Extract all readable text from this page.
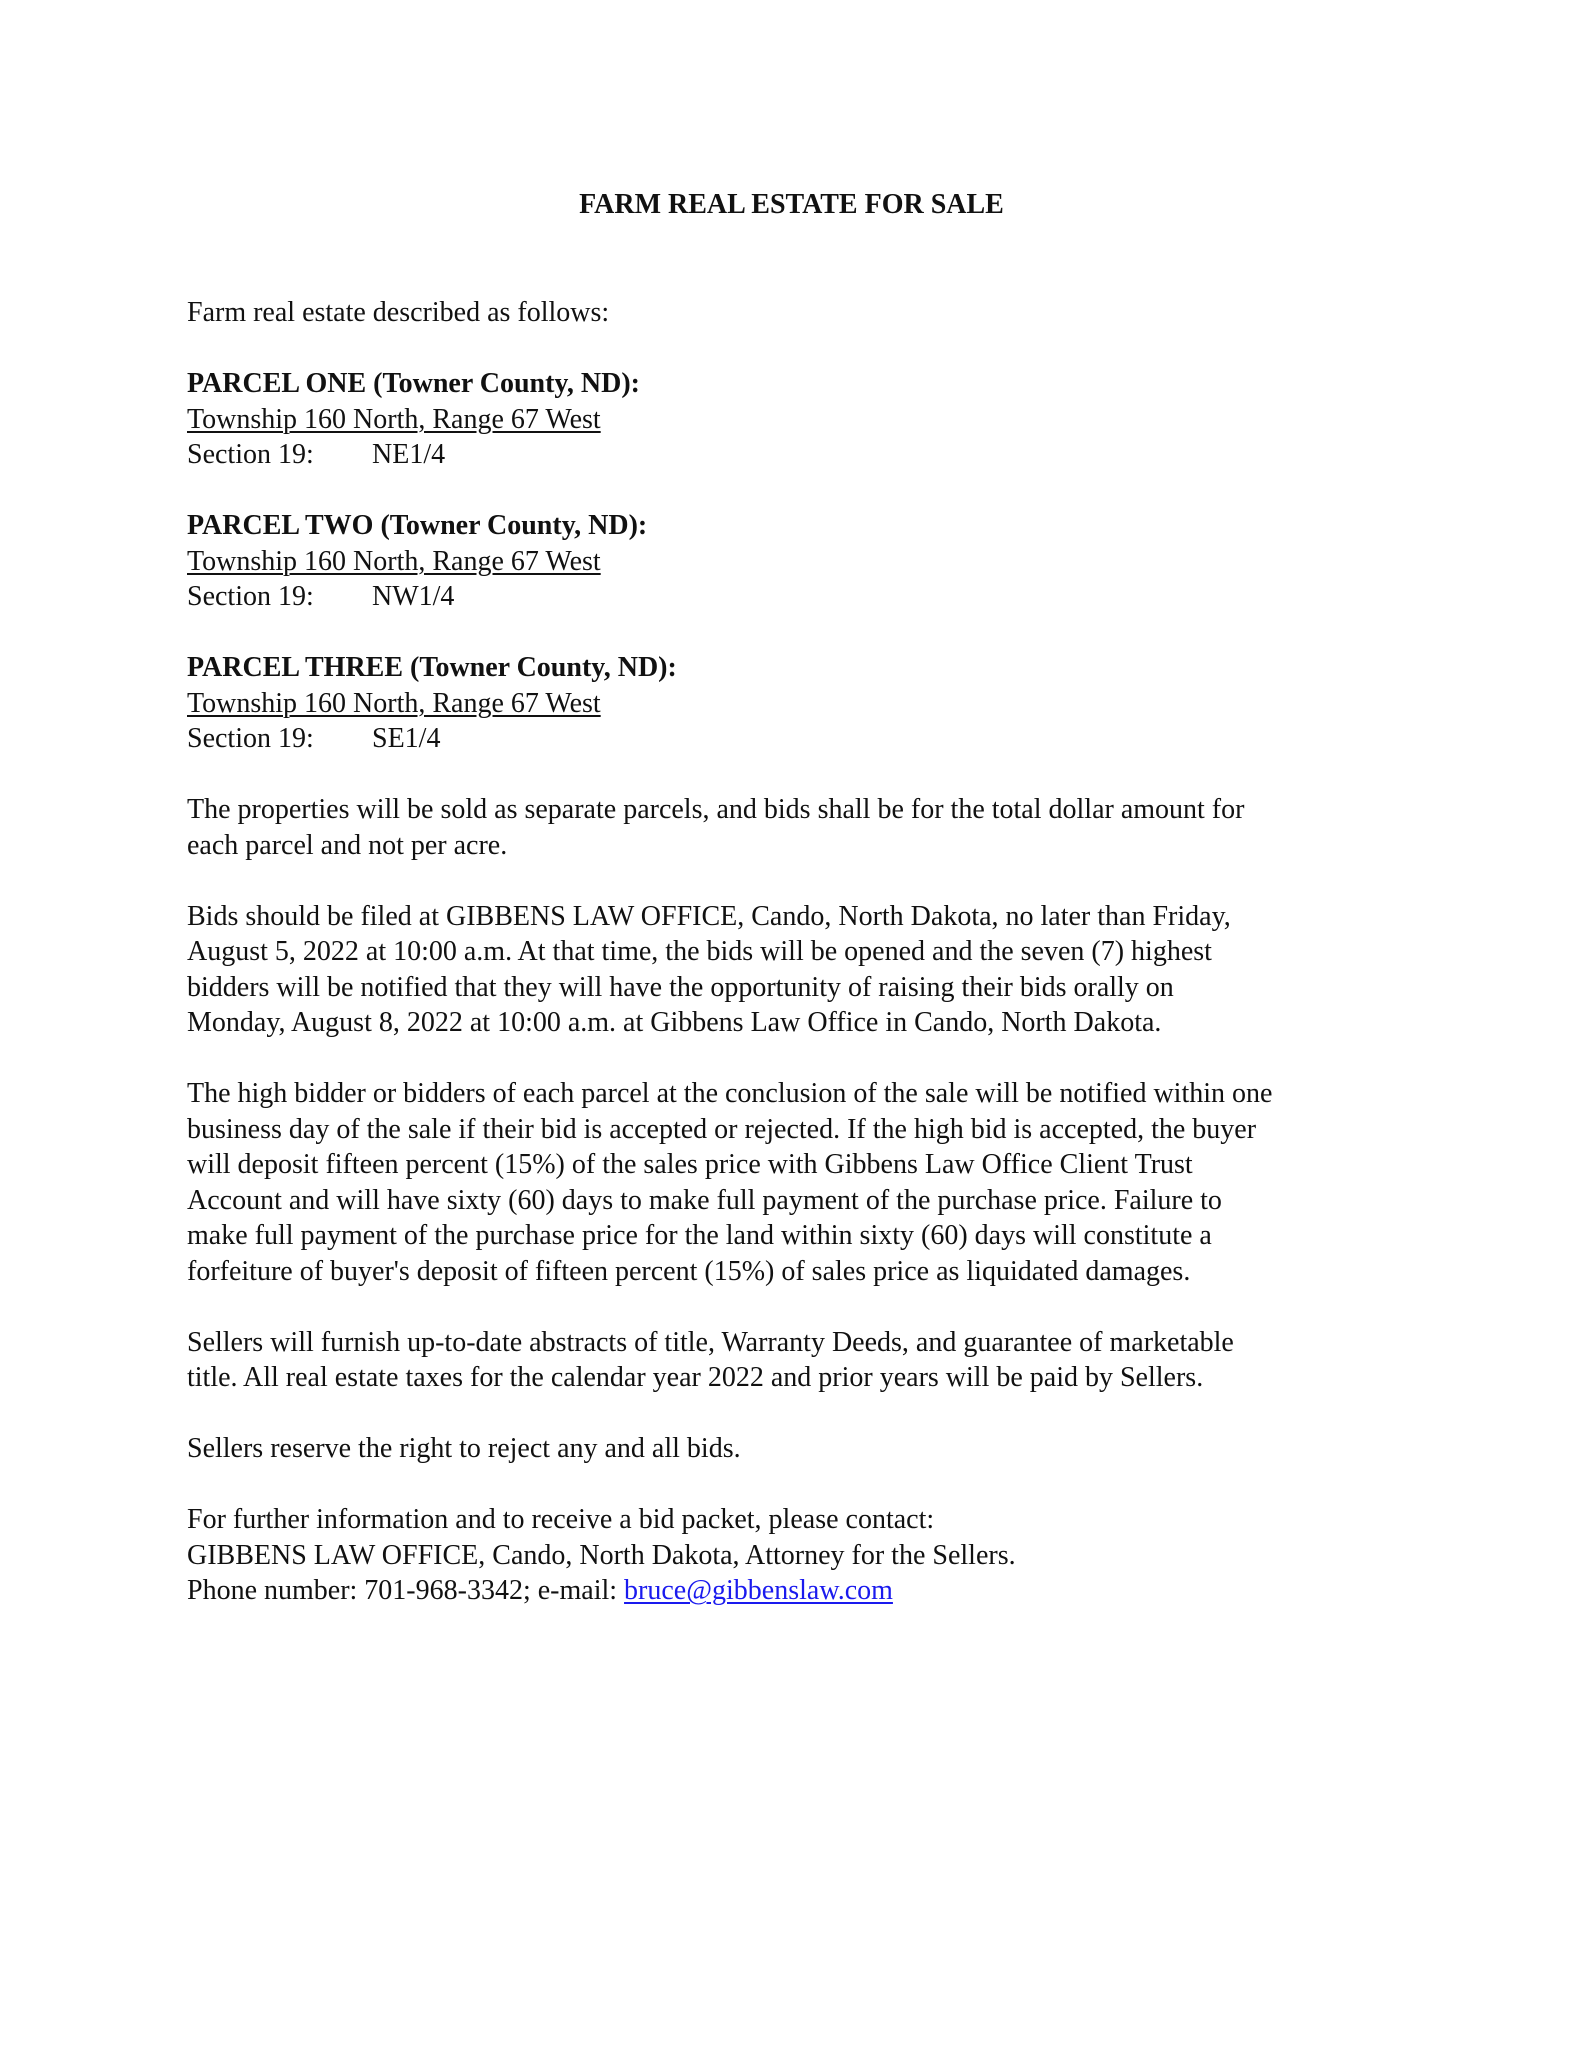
FARM REAL ESTATE FOR SALE
Farm real estate described as follows:
PARCEL ONE (Towner County, ND):
Township 160 North, Range 67 West
Section 19: NE1/4
PARCEL TWO (Towner County, ND):
Township 160 North, Range 67 West
Section 19: NW1/4
PARCEL THREE (Towner County, ND):
Township 160 North, Range 67 West
Section 19: SE1/4
The properties will be sold as separate parcels, and bids shall be for the total dollar amount for
each parcel and not per acre.
Bids should be filed at GIBBENS LAW OFFICE, Cando, North Dakota, no later than Friday,
August 5, 2022 at 10:00 a.m. At that time, the bids will be opened and the seven (7) highest
bidders will be notified that they will have the opportunity of raising their bids orally on
Monday, August 8, 2022 at 10:00 a.m. at Gibbens Law Office in Cando, North Dakota.
The high bidder or bidders of each parcel at the conclusion of the sale will be notified within one
business day of the sale if their bid is accepted or rejected. If the high bid is accepted, the buyer
will deposit fifteen percent (15%) of the sales price with Gibbens Law Office Client Trust
Account and will have sixty (60) days to make full payment of the purchase price. Failure to
make full payment of the purchase price for the land within sixty (60) days will constitute a
forfeiture of buyer's deposit of fifteen percent (15%) of sales price as liquidated damages.
Sellers will furnish up-to-date abstracts of title, Warranty Deeds, and guarantee of marketable
title. All real estate taxes for the calendar year 2022 and prior years will be paid by Sellers.
Sellers reserve the right to reject any and all bids.
For further information and to receive a bid packet, please contact:
GIBBENS LAW OFFICE, Cando, North Dakota, Attorney for the Sellers.
Phone number: 701-968-3342; e-mail: bruce@gibbenslaw.com
